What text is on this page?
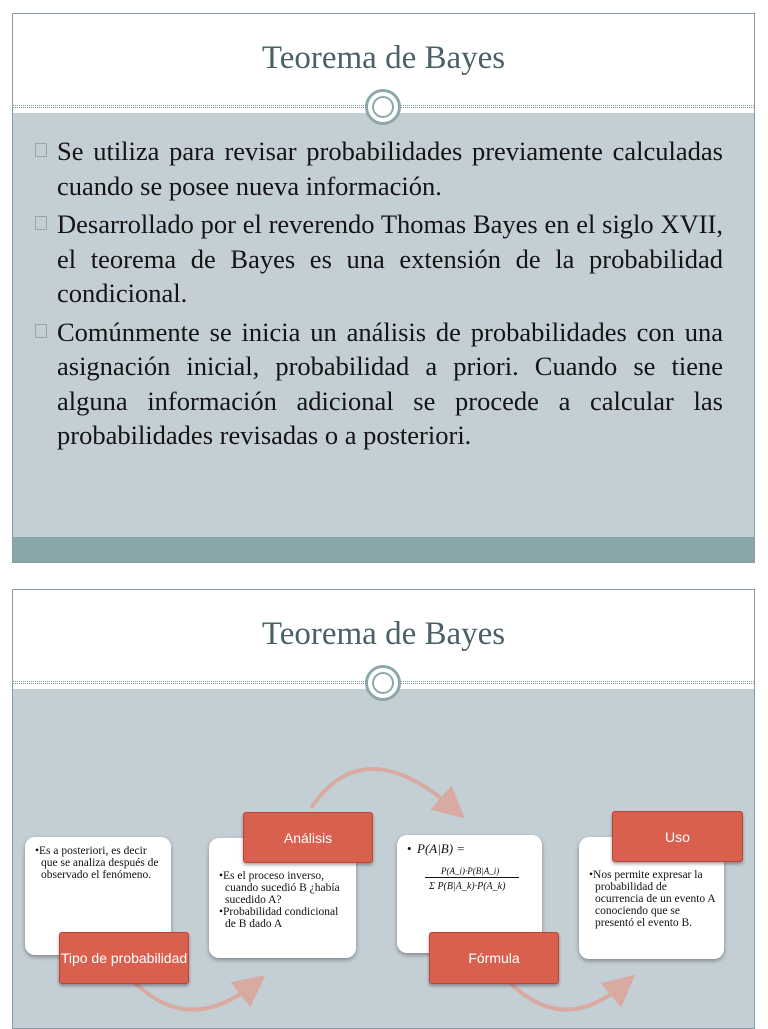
Teorema de Bayes
Se utiliza para revisar probabilidades previamente calculadas cuando se posee nueva información.
Desarrollado por el reverendo Thomas Bayes en el siglo XVII, el teorema de Bayes es una extensión de la probabilidad condicional.
Comúnmente se inicia un análisis de probabilidades con una asignación inicial, probabilidad a priori. Cuando se tiene alguna información adicional se procede a calcular las probabilidades revisadas o a posteriori.
Teorema de Bayes

•Es a posteriori, es decir que se analiza después de observado el fenómeno.

Tipo de probabilidad

•Es el proceso inverso, cuando sucedió B ¿había sucedido A?

•Probabilidad condicional de B dado A

Análisis
• P(A|B) =
P(A_i)·P(B|A_i)
Σ P(B|A_k)·P(A_k)
Fórmula

•Nos permite expresar la probabilidad de ocurrencia de un evento A conociendo que se presentó el evento B.

Uso
